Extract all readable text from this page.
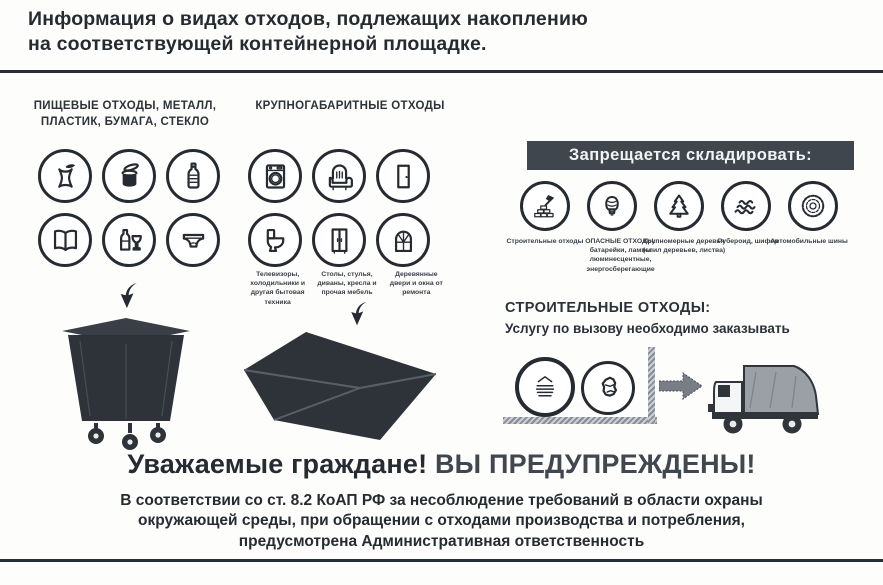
Информация о видах отходов, подлежащих накоплению
на соответствующей контейнерной площадке.
ПИЩЕВЫЕ ОТХОДЫ, МЕТАЛЛ, ПЛАСТИК, БУМАГА, СТЕКЛО
КРУПНОГАБАРИТНЫЕ ОТХОДЫ
Телевизоры, холодильники и другая бытовая техника
Столы, стулья, диваны, кресла и прочая мебель
Деревянные двери и окна от ремонта
Запрещается складировать:
Строительные отходы ОПАСНЫЕ ОТХОДЫ: батарейки, лампы люминесцентные, энергосберегающие
Крупномерные деревья (спил деревьев, листва)
Рубероид, шифер
Автомобильные шины
СТРОИТЕЛЬНЫЕ ОТХОДЫ:
Услугу по вызову необходимо заказывать
Уважаемые граждане! ВЫ ПРЕДУПРЕЖДЕНЫ!
В соответствии со ст. 8.2 КоАП РФ за несоблюдение требований в области охраны
окружающей среды, при обращении с отходами производства и потребления,
предусмотрена Административная ответственность
